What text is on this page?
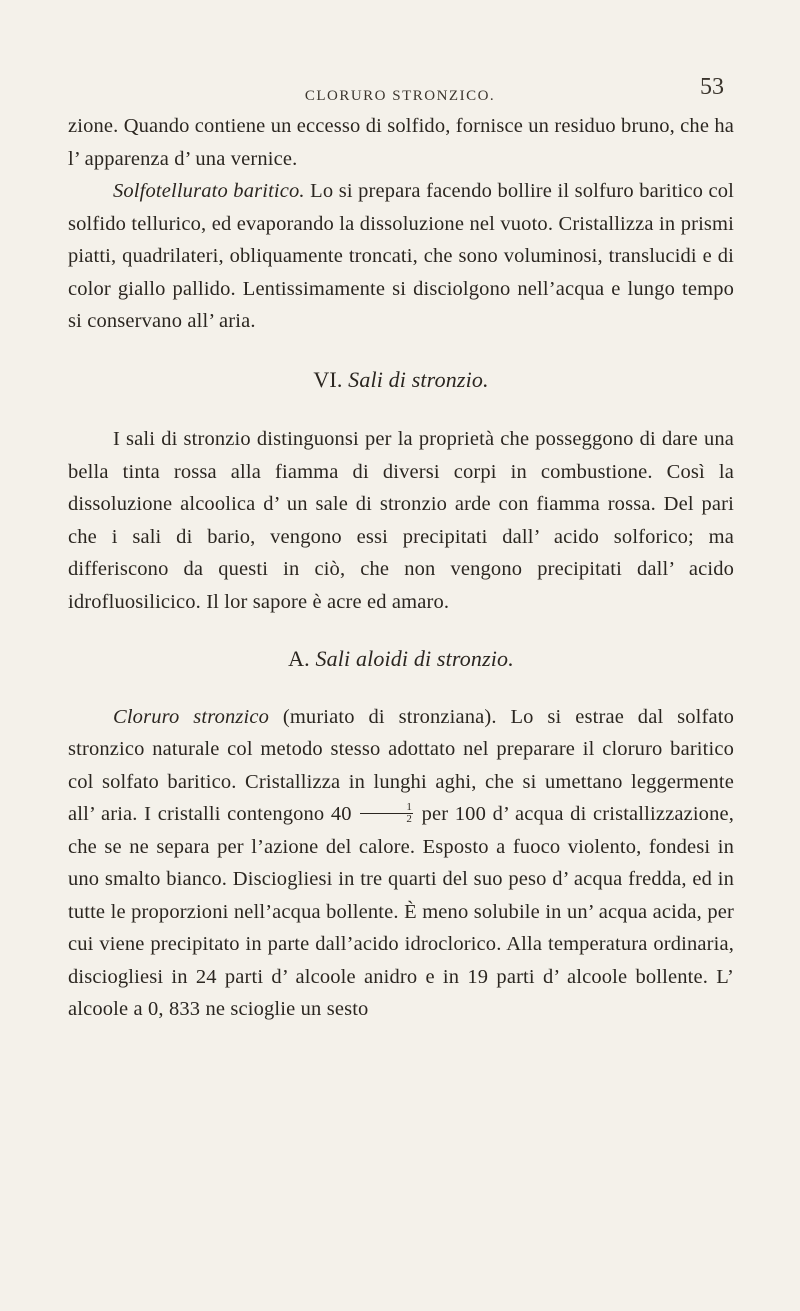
CLORURO STRONZICO.	53

zione. Quando contiene un eccesso di solfido, fornisce un residuo bruno, che ha l’ apparenza d’ una vernice.

Solfotellurato baritico. Lo si prepara facendo bollire il solfuro baritico col solfido tellurico, ed evaporando la dissoluzione nel vuoto. Cristallizza in prismi piatti, quadrilateri, obliquamente troncati, che sono voluminosi, translucidi e di color giallo pallido. Lentissimamente si disciolgono nell’acqua e lungo tempo si conservano all’ aria.

VI. Sali di stronzio.

I sali di stronzio distinguonsi per la proprietà che posseggono di dare una bella tinta rossa alla fiamma di diversi corpi in combustione. Così la dissoluzione alcoolica d’ un sale di stronzio arde con fiamma rossa. Del pari che i sali di bario, vengono essi precipitati dall’ acido solforico; ma differiscono da questi in ciò, che non vengono precipitati dall’ acido idrofluosilicico. Il lor sapore è acre ed amaro.

A. Sali aloidi di stronzio.

Cloruro stronzico (muriato di stronziana). Lo si estrae dal solfato stronzico naturale col metodo stesso adottato nel preparare il cloruro baritico col solfato baritico. Cristallizza in lunghi aghi, che si umettano leggermente all’ aria. I cristalli contengono $40 \frac{1}{2}$ per 100 d’ acqua di cristallizzazione, che se ne separa per l’azione del calore. Esposto a fuoco violento, fondesi in uno smalto bianco. Disciogliesi in tre quarti del suo peso d’ acqua fredda, ed in tutte le proporzioni nell’acqua bollente. È meno solubile in un’ acqua acida, per cui viene precipitato in parte dall’acido idroclorico. Alla temperatura ordinaria, disciogliesi in 24 parti d’ alcoole anidro e in 19 parti d’ alcoole bollente. L’ alcoole a 0, 833 ne scioglie un sesto
